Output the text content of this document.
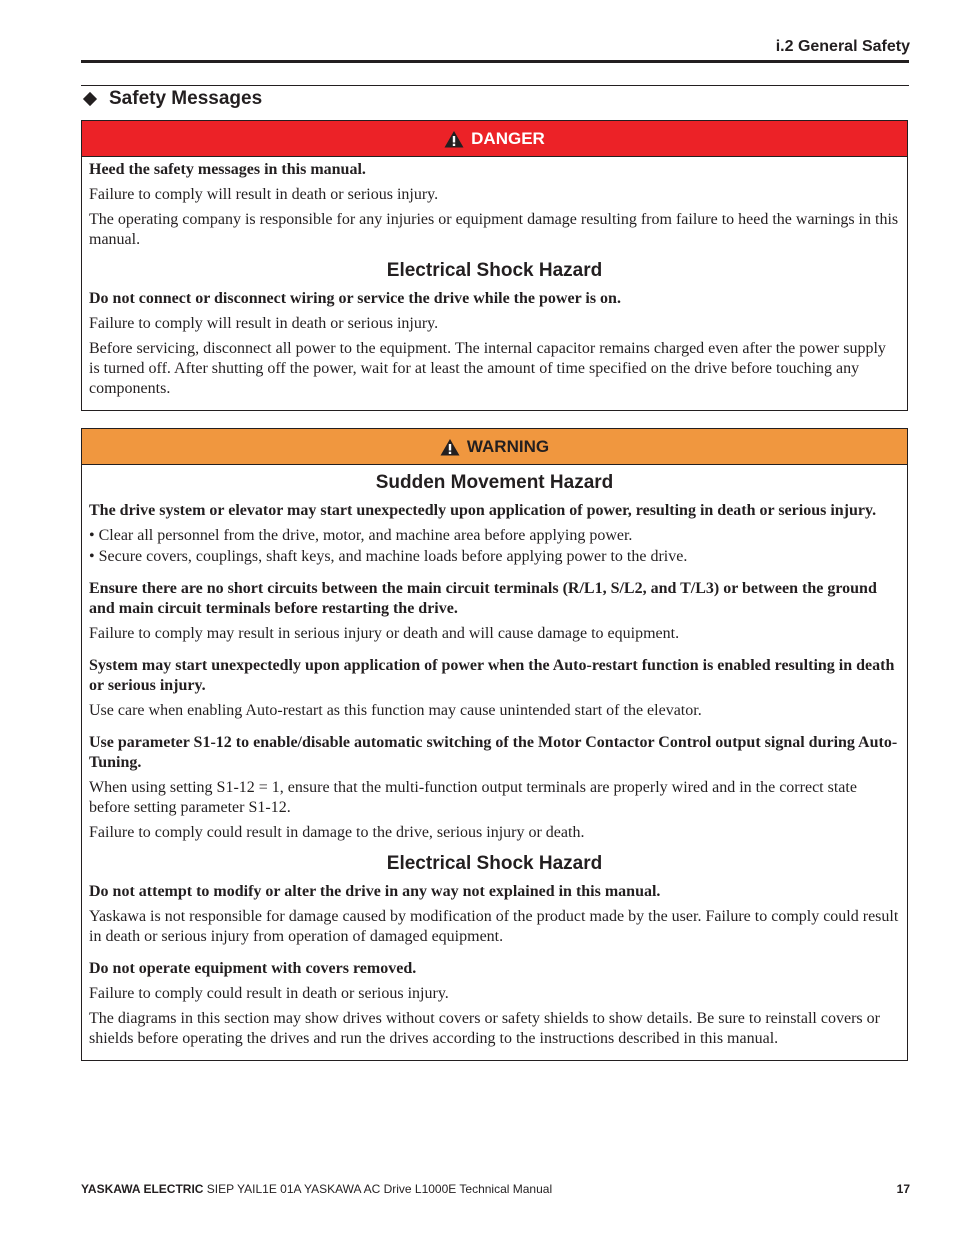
i.2 General Safety
Safety Messages
DANGER

Heed the safety messages in this manual.

Failure to comply will result in death or serious injury.

The operating company is responsible for any injuries or equipment damage resulting from failure to heed the warnings in this manual.

Electrical Shock Hazard

Do not connect or disconnect wiring or service the drive while the power is on.

Failure to comply will result in death or serious injury.

Before servicing, disconnect all power to the equipment. The internal capacitor remains charged even after the power supply is turned off. After shutting off the power, wait for at least the amount of time specified on the drive before touching any components.

WARNING
Sudden Movement Hazard

The drive system or elevator may start unexpectedly upon application of power, resulting in death or serious injury.

• Clear all personnel from the drive, motor, and machine area before applying power.
• Secure covers, couplings, shaft keys, and machine loads before applying power to the drive.

Ensure there are no short circuits between the main circuit terminals (R/L1, S/L2, and T/L3) or between the ground and main circuit terminals before restarting the drive.

Failure to comply may result in serious injury or death and will cause damage to equipment.

System may start unexpectedly upon application of power when the Auto-restart function is enabled resulting in death or serious injury.

Use care when enabling Auto-restart as this function may cause unintended start of the elevator.

Use parameter S1-12 to enable/disable automatic switching of the Motor Contactor Control output signal during Auto-Tuning.

When using setting S1-12 = 1, ensure that the multi-function output terminals are properly wired and in the correct state before setting parameter S1-12.

Failure to comply could result in damage to the drive, serious injury or death.

Electrical Shock Hazard

Do not attempt to modify or alter the drive in any way not explained in this manual.

Yaskawa is not responsible for damage caused by modification of the product made by the user. Failure to comply could result in death or serious injury from operation of damaged equipment.

Do not operate equipment with covers removed.

Failure to comply could result in death or serious injury.

The diagrams in this section may show drives without covers or safety shields to show details. Be sure to reinstall covers or shields before operating the drives and run the drives according to the instructions described in this manual.

YASKAWA ELECTRIC SIEP YAIL1E 01A YASKAWA AC Drive L1000E Technical Manual	17
